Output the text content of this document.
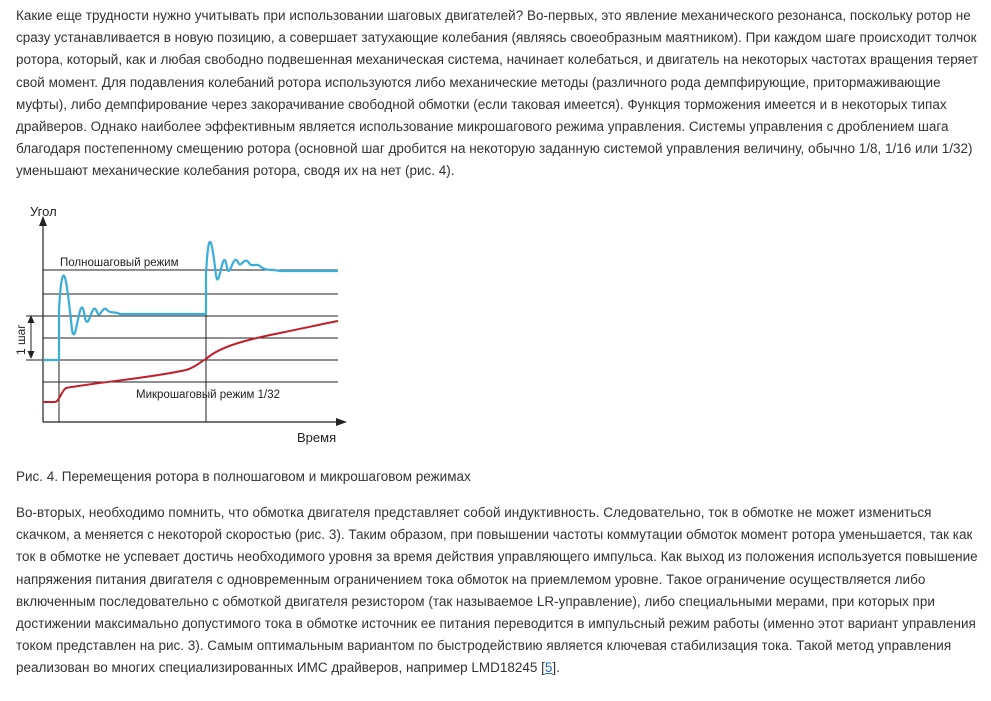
Какие еще трудности нужно учитывать при использовании шаговых двигателей? Во-первых, это явление механического резонанса, поскольку ротор не сразу устанавливается в новую позицию, а совершает затухающие колебания (являясь своеобразным маятником). При каждом шаге происходит толчок ротора, который, как и любая свободно подвешенная механическая система, начинает колебаться, и двигатель на некоторых частотах вращения теряет свой момент. Для подавления колебаний ротора используются либо механические методы (различного рода демпфирующие, притормаживающие муфты), либо демпфирование через закорачивание свободной обмотки (если таковая имеется). Функция торможения имеется и в некоторых типах драйверов. Однако наиболее эффективным является использование микрошагового режима управления. Системы управления с дроблением шага благодаря постепенному смещению ротора (основной шаг дробится на некоторую заданную системой управления величину, обычно 1/8, 1/16 или 1/32) уменьшают механические колебания ротора, сводя их на нет (рис. 4).

Угол
Время
Полношаговый режим
Микрошаговый режим 1/32
1 шаг

Рис. 4. Перемещения ротора в полношаговом и микрошаговом режимах

Во-вторых, необходимо помнить, что обмотка двигателя представляет собой индуктивность. Следовательно, ток в обмотке не может измениться скачком, а меняется с некоторой скоростью (рис. 3). Таким образом, при повышении частоты коммутации обмоток момент ротора уменьшается, так как ток в обмотке не успевает достичь необходимого уровня за время действия управляющего импульса. Как выход из положения используется повышение напряжения питания двигателя с одновременным ограничением тока обмоток на приемлемом уровне. Такое ограничение осуществляется либо включенным последовательно с обмоткой двигателя резистором (так называемое LR-управление), либо специальными мерами, при которых при достижении максимально допустимого тока в обмотке источник ее питания переводится в импульсный режим работы (именно этот вариант управления током представлен на рис. 3). Самым оптимальным вариантом по быстродействию является ключевая стабилизация тока. Такой метод управления реализован во многих специализированных ИМС драйверов, например LMD18245 [5].
